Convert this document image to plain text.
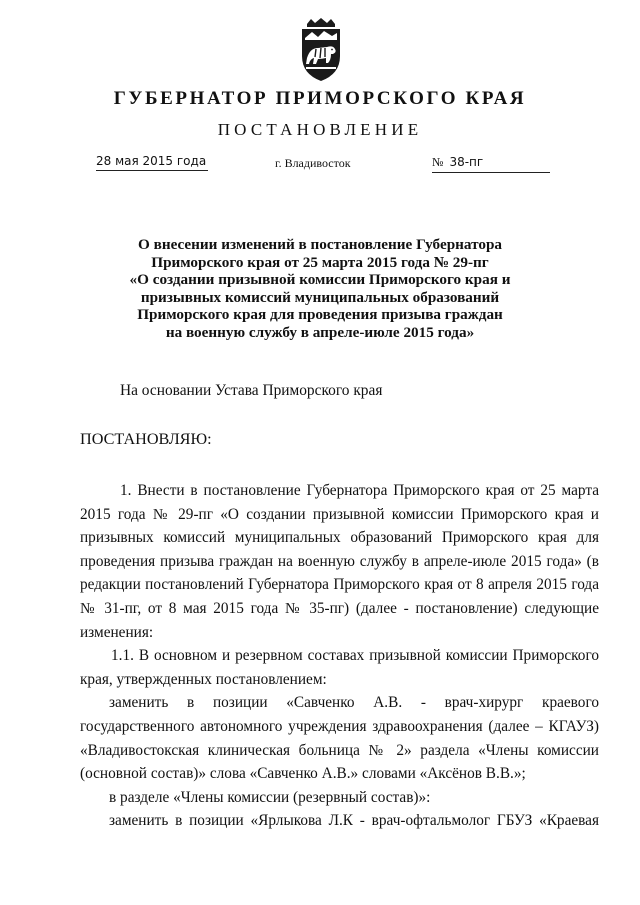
ГУБЕРНАТОР ПРИМОРСКОГО КРАЯ
ПОСТАНОВЛЕНИЕ
28 мая 2015 года	г. Владивосток	№ 38-пг
О внесении изменений в постановление Губернатора
Приморского края от 25 марта 2015 года № 29-пг
«О создании призывной комиссии Приморского края и
призывных комиссий муниципальных образований
Приморского края для проведения призыва граждан
на военную службу в апреле-июле 2015 года»
На основании Устава Приморского края
ПОСТАНОВЛЯЮ:
1. Внести в постановление Губернатора Приморского края от 25 марта
2015 года № 29-пг «О создании призывной комиссии Приморского края и
призывных комиссий муниципальных образований Приморского края для
проведения призыва граждан на военную службу в апреле-июле 2015 года» (в
редакции постановлений Губернатора Приморского края от 8 апреля 2015 года
№ 31-пг, от 8 мая 2015 года № 35-пг) (далее - постановление) следующие
изменения:
1.1. В основном и резервном составах призывной комиссии Приморского
края, утвержденных постановлением:
заменить в позиции «Савченко А.В. - врач-хирург краевого
государственного автономного учреждения здравоохранения (далее – КГАУЗ)
«Владивостокская клиническая больница № 2» раздела «Члены комиссии
(основной состав)» слова «Савченко А.В.» словами «Аксёнов В.В.»;
в разделе «Члены комиссии (резервный состав)»:
заменить в позиции «Ярлыкова Л.К - врач-офтальмолог ГБУЗ «Краевая
